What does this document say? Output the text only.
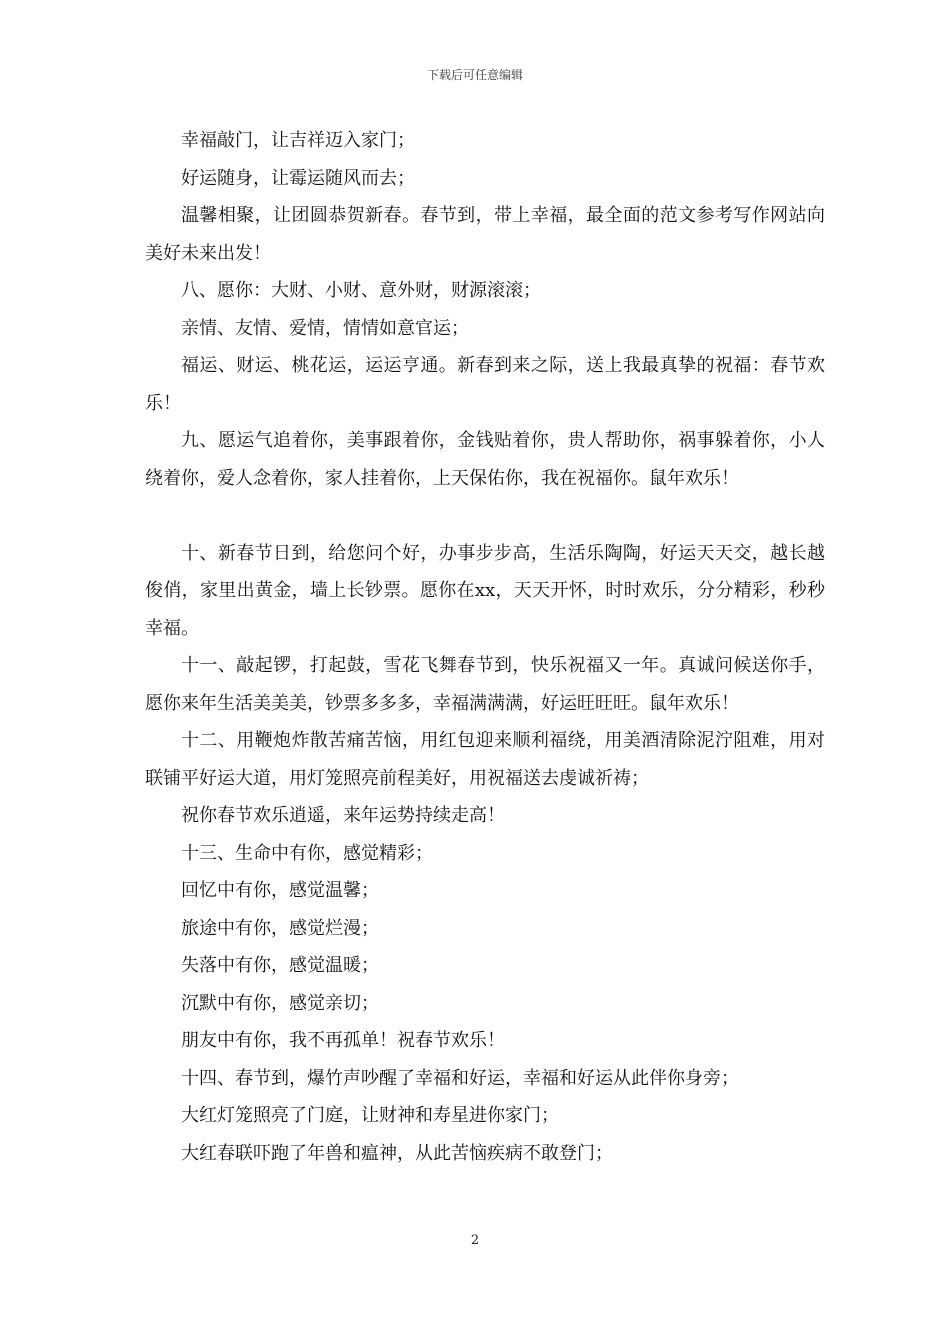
下载后可任意编辑

幸福敲门，让吉祥迈入家门；

好运随身，让霉运随风而去；

温馨相聚，让团圆恭贺新春。春节到，带上幸福，最全面的范文参考写作网站向美好未来出发！

八、愿你：大财、小财、意外财，财源滚滚；

亲情、友情、爱情，情情如意官运；

福运、财运、桃花运，运运亨通。新春到来之际，送上我最真挚的祝福：春节欢乐！

九、愿运气追着你，美事跟着你，金钱贴着你，贵人帮助你，祸事躲着你，小人绕着你，爱人念着你，家人挂着你，上天保佑你，我在祝福你。鼠年欢乐！

十、新春节日到，给您问个好，办事步步高，生活乐陶陶，好运天天交，越长越俊俏，家里出黄金，墙上长钞票。愿你在xx，天天开怀，时时欢乐，分分精彩，秒秒幸福。

十一、敲起锣，打起鼓，雪花飞舞春节到，快乐祝福又一年。真诚问候送你手，愿你来年生活美美美，钞票多多多，幸福满满满，好运旺旺旺。鼠年欢乐！

十二、用鞭炮炸散苦痛苦恼，用红包迎来顺利福绕，用美酒清除泥泞阻难，用对联铺平好运大道，用灯笼照亮前程美好，用祝福送去虔诚祈祷；

祝你春节欢乐逍遥，来年运势持续走高！

十三、生命中有你，感觉精彩；

回忆中有你，感觉温馨；

旅途中有你，感觉烂漫；

失落中有你，感觉温暖；

沉默中有你，感觉亲切；

朋友中有你，我不再孤单！祝春节欢乐！

十四、春节到，爆竹声吵醒了幸福和好运，幸福和好运从此伴你身旁；

大红灯笼照亮了门庭，让财神和寿星进你家门；

大红春联吓跑了年兽和瘟神，从此苦恼疾病不敢登门；

2
